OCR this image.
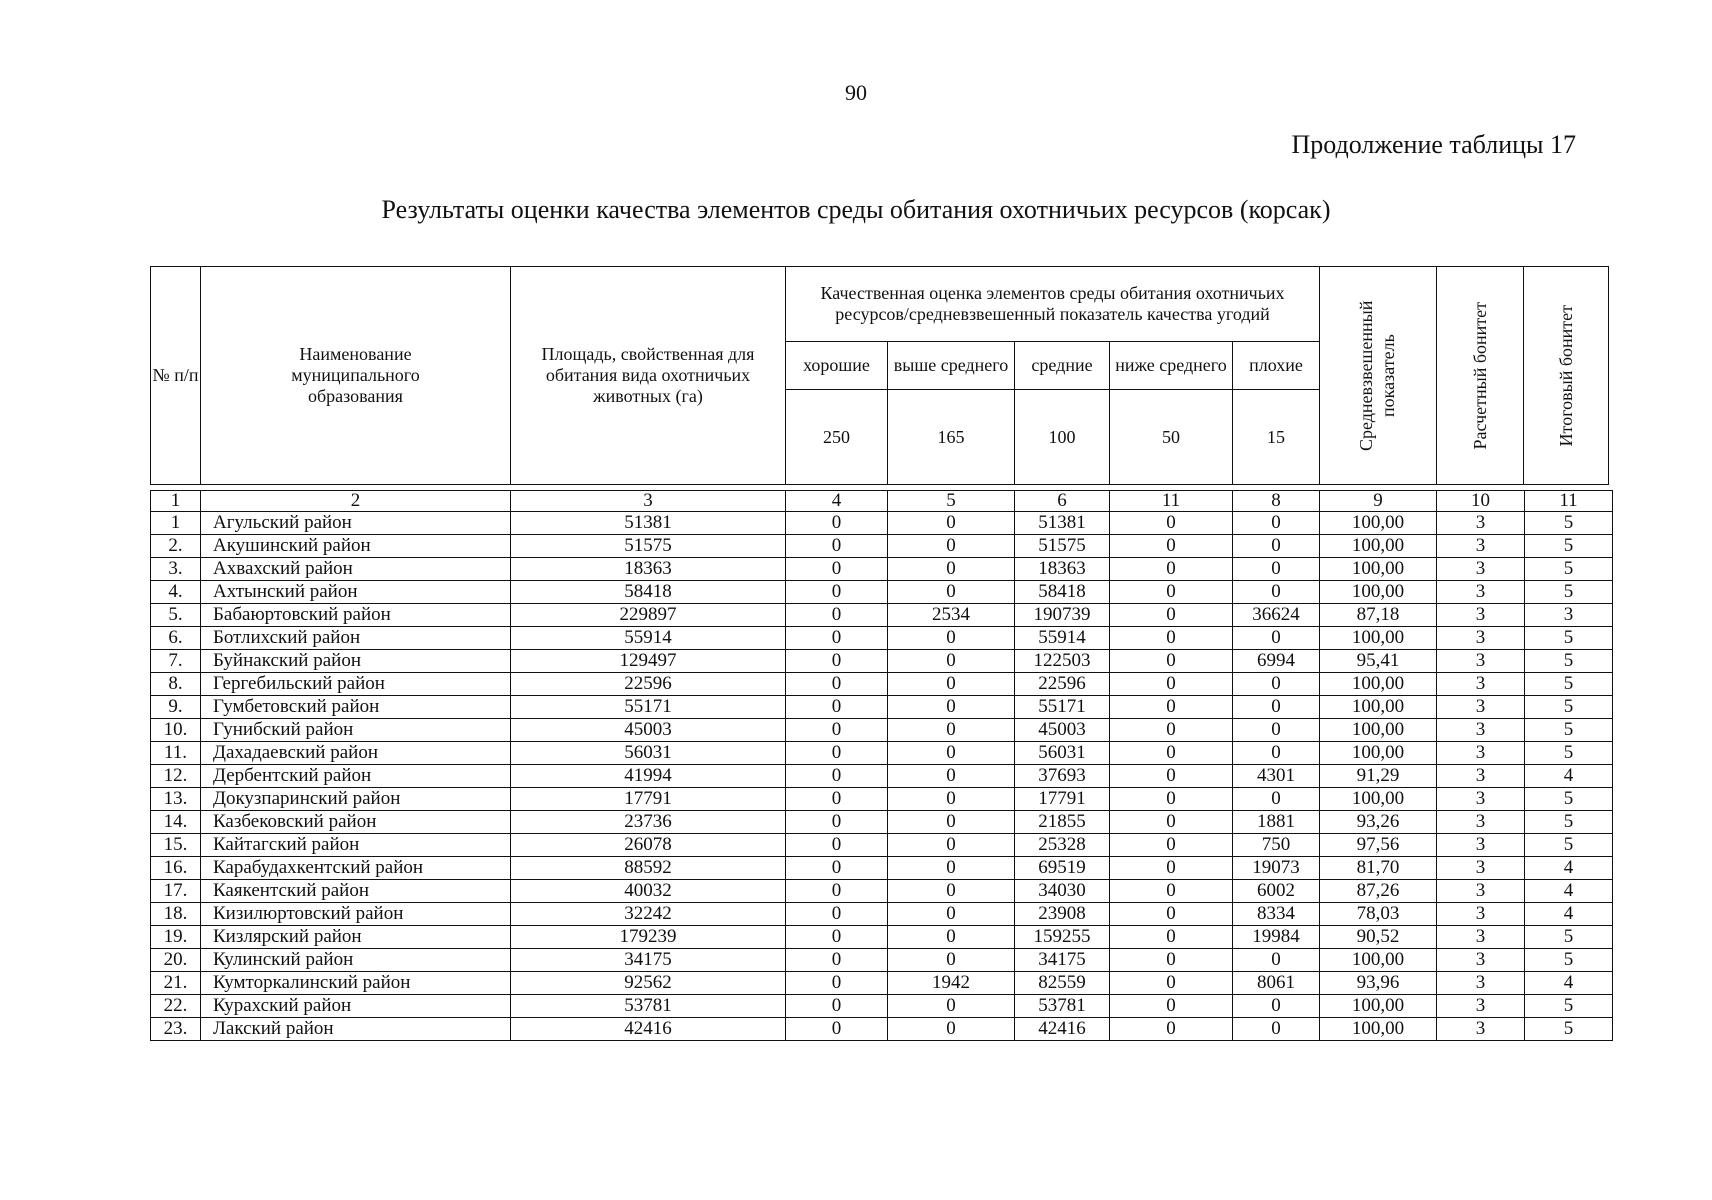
90
Продолжение таблицы 17
Результаты оценки качества элементов среды обитания охотничьих ресурсов (корсак)
№ п/п	Наименование муниципального образования	Площадь, свойственная для обитания вида охотничьих животных (га)	Качественная оценка элементов среды обитания охотничьих ресурсов/средневзвешенный показатель качества угодий					Средневзвешенный показатель	Расчетный бонитет	Итоговый бонитет

			хорошие	выше среднего	средние	ниже среднего	плохие			
			250	165	100	50	15			
1	2	3	4	5	6	11	8	9	10	11
1	Агульский район	51381	0	0	51381	0	0	100,00	3	5
2.	Акушинский район	51575	0	0	51575	0	0	100,00	3	5
3.	Ахвахский район	18363	0	0	18363	0	0	100,00	3	5
4.	Ахтынский район	58418	0	0	58418	0	0	100,00	3	5
5.	Бабаюртовский район	229897	0	2534	190739	0	36624	87,18	3	3
6.	Ботлихский район	55914	0	0	55914	0	0	100,00	3	5
7.	Буйнакский район	129497	0	0	122503	0	6994	95,41	3	5
8.	Гергебильский район	22596	0	0	22596	0	0	100,00	3	5
9.	Гумбетовский район	55171	0	0	55171	0	0	100,00	3	5
10.	Гунибский район	45003	0	0	45003	0	0	100,00	3	5
11.	Дахадаевский район	56031	0	0	56031	0	0	100,00	3	5
12.	Дербентский район	41994	0	0	37693	0	4301	91,29	3	4
13.	Докузпаринский район	17791	0	0	17791	0	0	100,00	3	5
14.	Казбековский район	23736	0	0	21855	0	1881	93,26	3	5
15.	Кайтагский район	26078	0	0	25328	0	750	97,56	3	5
16.	Карабудахкентский район	88592	0	0	69519	0	19073	81,70	3	4
17.	Каякентский район	40032	0	0	34030	0	6002	87,26	3	4
18.	Кизилюртовский район	32242	0	0	23908	0	8334	78,03	3	4
19.	Кизлярский район	179239	0	0	159255	0	19984	90,52	3	5
20.	Кулинский район	34175	0	0	34175	0	0	100,00	3	5
21.	Кумторкалинский район	92562	0	1942	82559	0	8061	93,96	3	4
22.	Курахский район	53781	0	0	53781	0	0	100,00	3	5
23.	Лакский район	42416	0	0	42416	0	0	100,00	3	5
